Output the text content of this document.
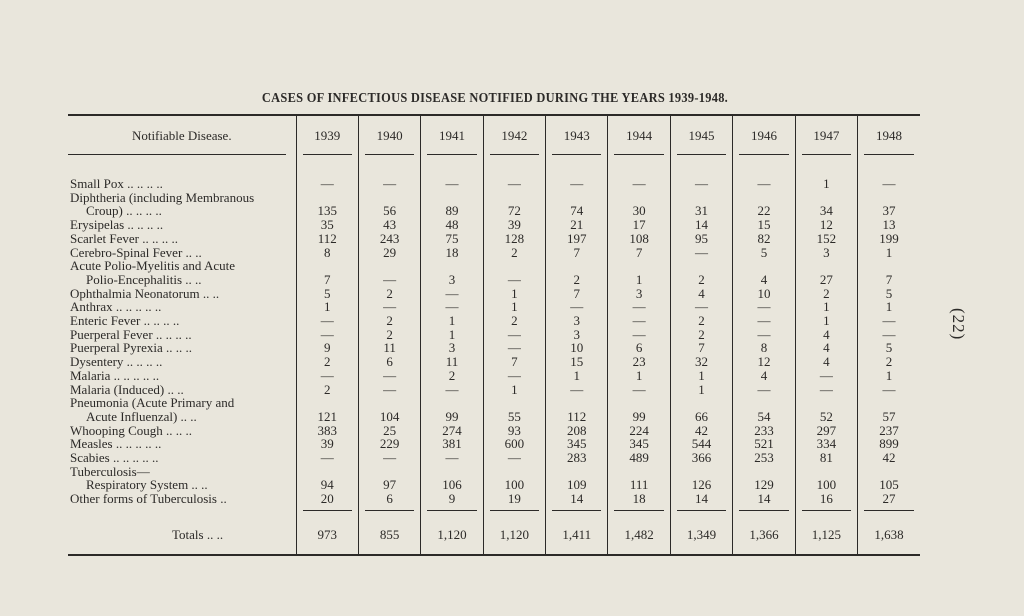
(22)
CASES OF INFECTIOUS DISEASE NOTIFIED DURING THE YEARS 1939-1948.
Notifiable Disease.	1939	1940	1941	1942	1943	1944	1945	1946	1947	1948

Small Pox .. .. .. ..	—	—	—	—	—	—	—	—	1	—

Diphtheria (including Membranous
Croup) .. .. .. ..	135	56	89	72	74	30	31	22	34	37

Erysipelas .. .. .. ..	35	43	48	39	21	17	14	15	12	13

Scarlet Fever .. .. .. ..	112	243	75	128	197	108	95	82	152	199

Cerebro-Spinal Fever .. ..	8	29	18	2	7	7	—	5	3	1

Acute Polio-Myelitis and Acute
Polio-Encephalitis .. ..	7	—	3	—	2	1	2	4	27	7

Ophthalmia Neonatorum .. ..	5	2	—	1	7	3	4	10	2	5

Anthrax .. .. .. .. ..	1	—	—	1	—	—	—	—	1	1

Enteric Fever .. .. .. ..	—	2	1	2	3	—	2	—	1	—

Puerperal Fever .. .. .. ..	—	2	1	—	3	—	2	—	4	—

Puerperal Pyrexia .. .. ..	9	11	3	—	10	6	7	8	4	5

Dysentery .. .. .. ..	2	6	11	7	15	23	32	12	4	2

Malaria .. .. .. .. ..	—	—	2	—	1	1	1	4	—	1

Malaria (Induced) .. ..	2	—	—	1	—	—	1	—	—	—

Pneumonia (Acute Primary and
Acute Influenzal) .. ..	121	104	99	55	112	99	66	54	52	57

Whooping Cough .. .. ..	383	25	274	93	208	224	42	233	297	237

Measles .. .. .. .. ..	39	229	381	600	345	345	544	521	334	899

Scabies .. .. .. .. ..	—	—	—	—	283	489	366	253	81	42

Tuberculosis—
Respiratory System .. ..	94	97	106	100	109	111	126	129	100	105

Other forms of Tuberculosis ..	20	6	9	19	14	18	14	14	16	27

Totals .. ..	973	855	1,120	1,120	1,411	1,482	1,349	1,366	1,125	1,638
